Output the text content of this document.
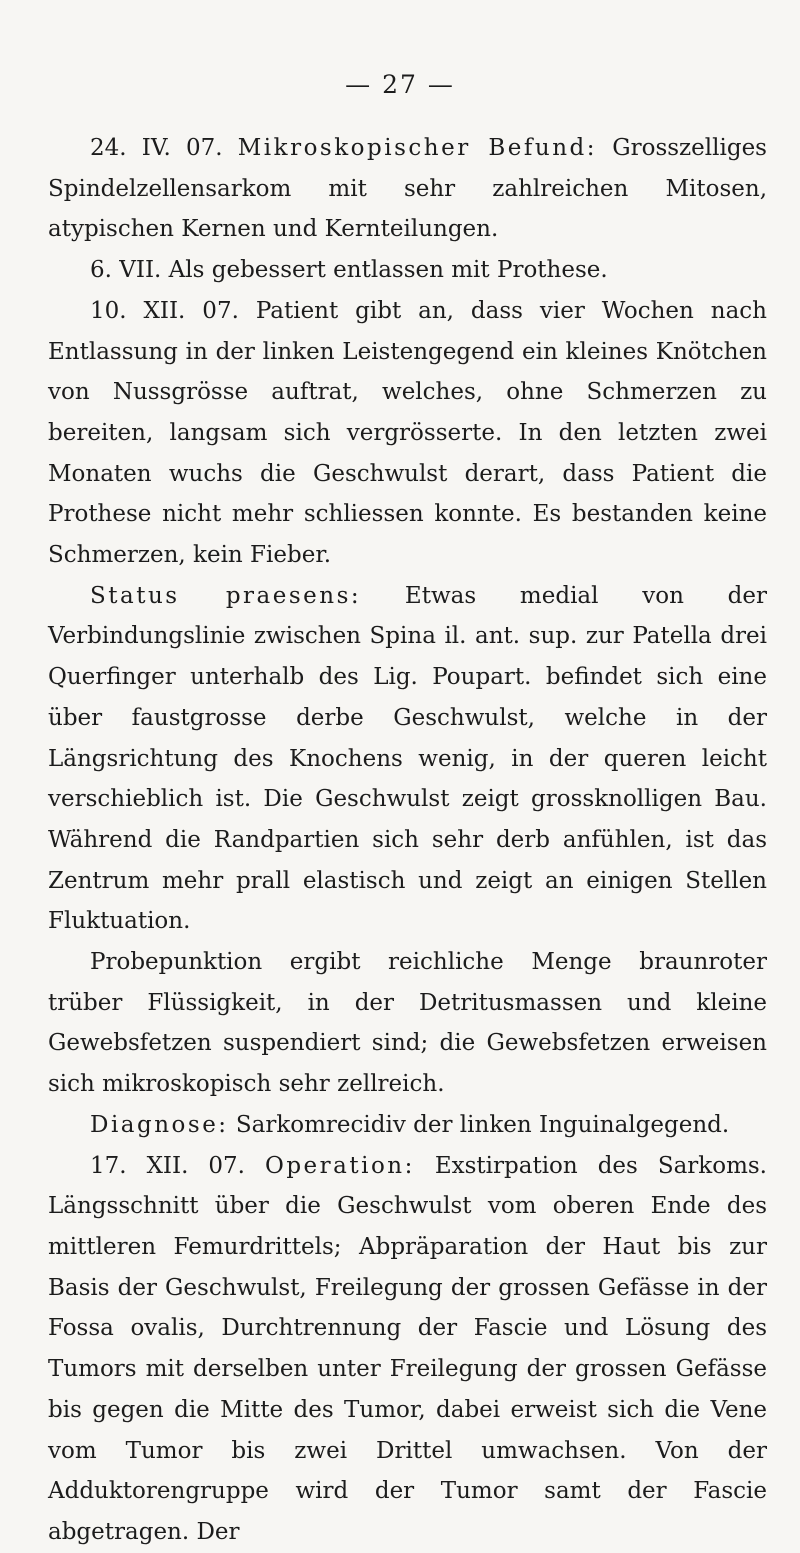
— 27 —

24. IV. 07. Mikroskopischer Befund: Grosszelliges Spindelzellensarkom mit sehr zahlreichen Mitosen, atypischen Kernen und Kernteilungen.

6. VII. Als gebessert entlassen mit Prothese.

10. XII. 07. Patient gibt an, dass vier Wochen nach Entlassung in der linken Leistengegend ein kleines Knötchen von Nussgrösse auftrat, welches, ohne Schmerzen zu bereiten, langsam sich vergrösserte. In den letzten zwei Monaten wuchs die Geschwulst derart, dass Patient die Prothese nicht mehr schliessen konnte. Es bestanden keine Schmerzen, kein Fieber.

Status praesens: Etwas medial von der Verbindungslinie zwischen Spina il. ant. sup. zur Patella drei Querfinger unterhalb des Lig. Poupart. befindet sich eine über faustgrosse derbe Geschwulst, welche in der Längsrichtung des Knochens wenig, in der queren leicht verschieblich ist. Die Geschwulst zeigt grossknolligen Bau. Während die Randpartien sich sehr derb anfühlen, ist das Zentrum mehr prall elastisch und zeigt an einigen Stellen Fluktuation.

Probepunktion ergibt reichliche Menge braunroter trüber Flüssigkeit, in der Detritusmassen und kleine Gewebsfetzen suspendiert sind; die Gewebsfetzen erweisen sich mikroskopisch sehr zellreich.

Diagnose: Sarkomrecidiv der linken Inguinalgegend.

17. XII. 07. Operation: Exstirpation des Sarkoms. Längsschnitt über die Geschwulst vom oberen Ende des mittleren Femurdrittels; Abpräparation der Haut bis zur Basis der Geschwulst, Freilegung der grossen Gefässe in der Fossa ovalis, Durchtrennung der Fascie und Lösung des Tumors mit derselben unter Freilegung der grossen Gefässe bis gegen die Mitte des Tumor, dabei erweist sich die Vene vom Tumor bis zwei Drittel umwachsen. Von der Adduktorengruppe wird der Tumor samt der Fascie abgetragen. Der
